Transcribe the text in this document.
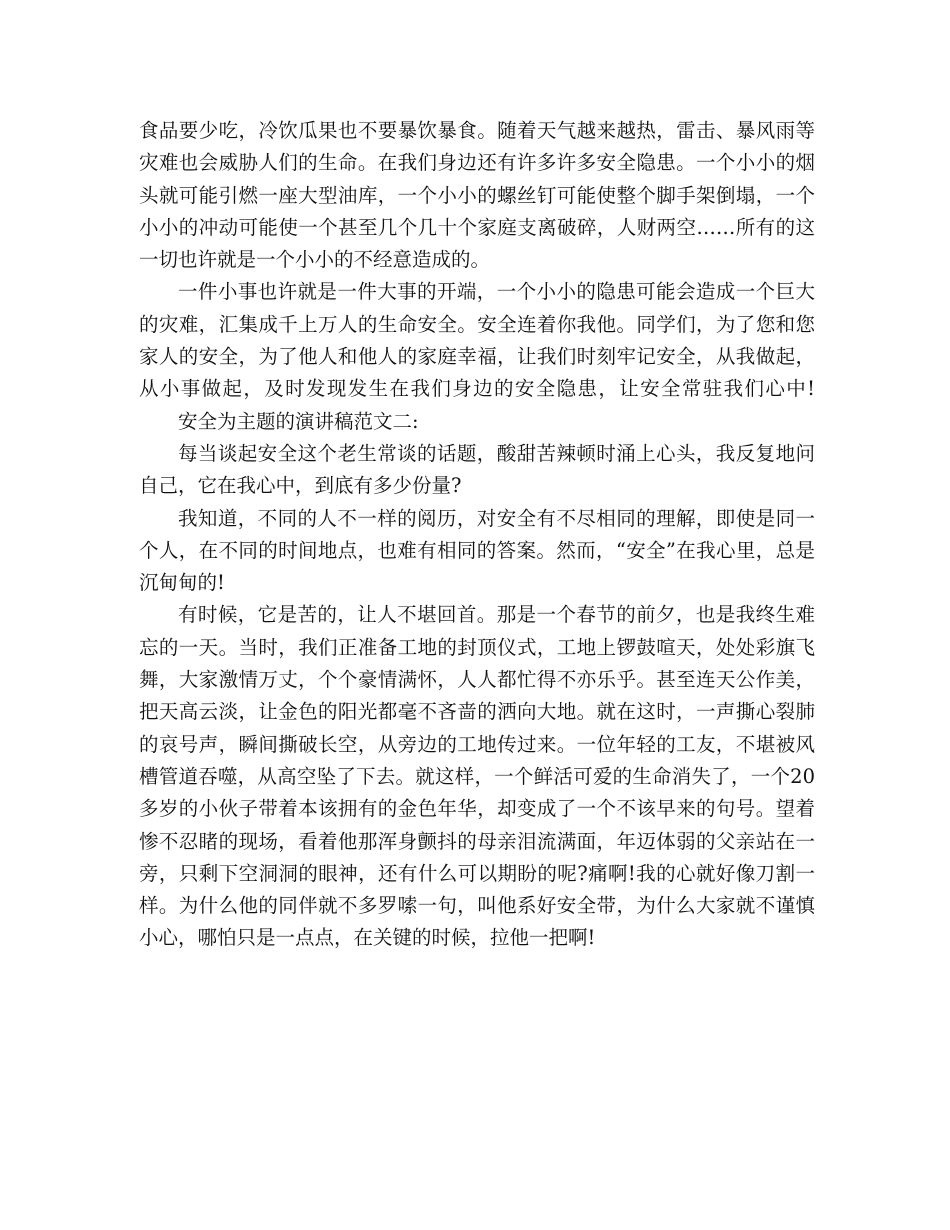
食品要少吃，冷饮瓜果也不要暴饮暴食。随着天气越来越热，雷击、暴风雨等灾难也会威胁人们的生命。在我们身边还有许多许多安全隐患。一个小小的烟头就可能引燃一座大型油库，一个小小的螺丝钉可能使整个脚手架倒塌，一个小小的冲动可能使一个甚至几个几十个家庭支离破碎，人财两空……所有的这一切也许就是一个小小的不经意造成的。

一件小事也许就是一件大事的开端，一个小小的隐患可能会造成一个巨大的灾难，汇集成千上万人的生命安全。安全连着你我他。同学们，为了您和您家人的安全，为了他人和他人的家庭幸福，让我们时刻牢记安全，从我做起，从小事做起，及时发现发生在我们身边的安全隐患，让安全常驻我们心中!安全为主题的演讲稿范文二:

每当谈起安全这个老生常谈的话题，酸甜苦辣顿时涌上心头，我反复地问自己，它在我心中，到底有多少份量?

我知道，不同的人不一样的阅历，对安全有不尽相同的理解，即使是同一个人，在不同的时间地点，也难有相同的答案。然而，“安全”在我心里，总是沉甸甸的!

有时候，它是苦的，让人不堪回首。那是一个春节的前夕，也是我终生难忘的一天。当时，我们正准备工地的封顶仪式，工地上锣鼓喧天，处处彩旗飞舞，大家激情万丈，个个豪情满怀，人人都忙得不亦乐乎。甚至连天公作美，把天高云淡，让金色的阳光都毫不吝啬的洒向大地。就在这时，一声撕心裂肺的哀号声，瞬间撕破长空，从旁边的工地传过来。一位年轻的工友，不堪被风槽管道吞噬，从高空坠了下去。就这样，一个鲜活可爱的生命消失了，一个20多岁的小伙子带着本该拥有的金色年华，却变成了一个不该早来的句号。望着惨不忍睹的现场，看着他那浑身颤抖的母亲泪流满面，年迈体弱的父亲站在一旁，只剩下空洞洞的眼神，还有什么可以期盼的呢?痛啊!我的心就好像刀割一样。为什么他的同伴就不多罗嗦一句，叫他系好安全带，为什么大家就不谨慎小心，哪怕只是一点点，在关键的时候，拉他一把啊!
